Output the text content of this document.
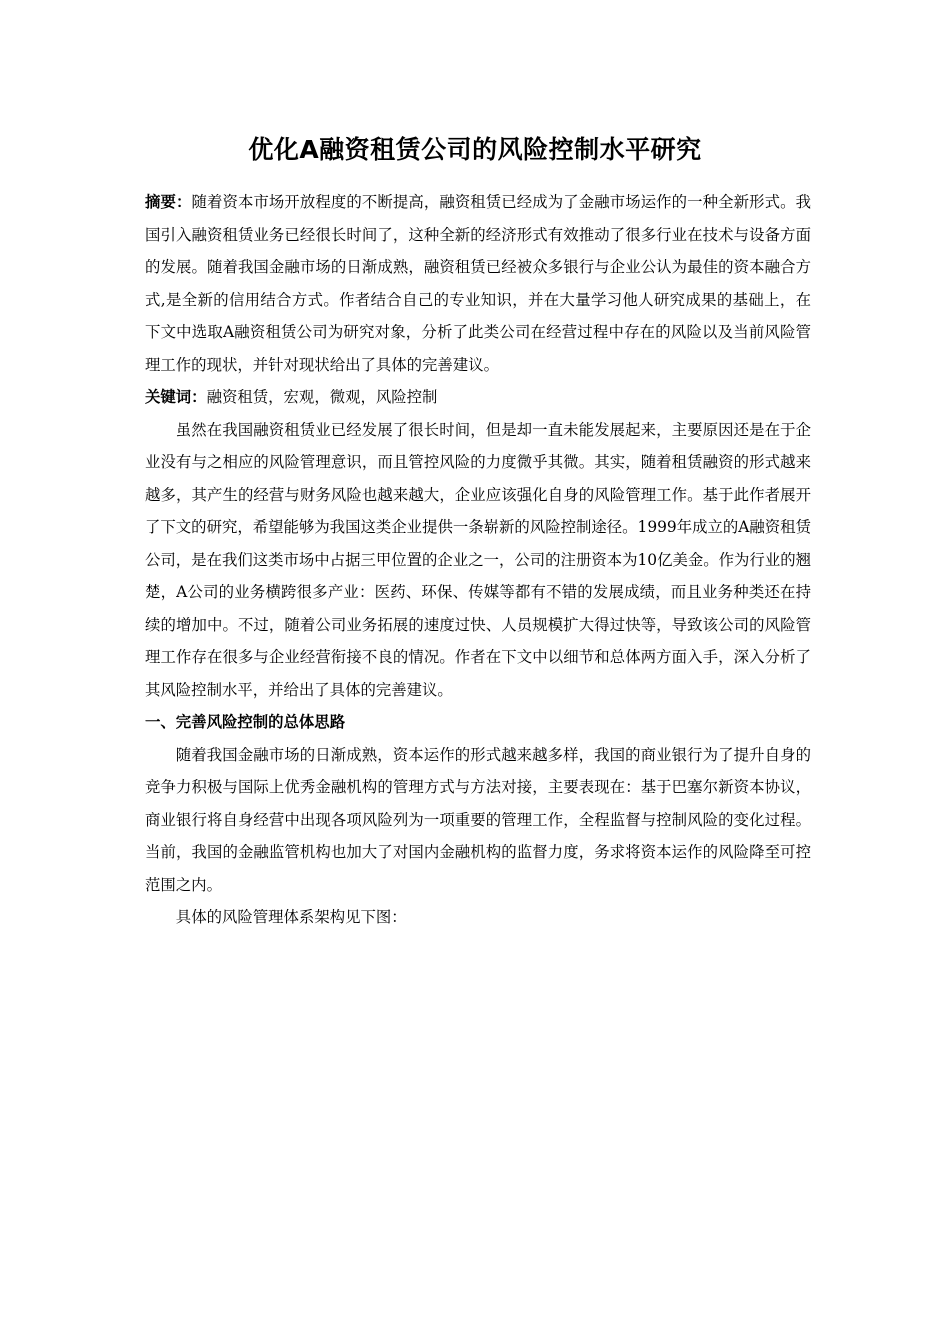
优化A融资租赁公司的风险控制水平研究

摘要：随着资本市场开放程度的不断提高，融资租赁已经成为了金融市场运作的一种全新形式。我国引入融资租赁业务已经很长时间了，这种全新的经济形式有效推动了很多行业在技术与设备方面的发展。随着我国金融市场的日渐成熟，融资租赁已经被众多银行与企业公认为最佳的资本融合方式,是全新的信用结合方式。作者结合自己的专业知识，并在大量学习他人研究成果的基础上，在下文中选取A融资租赁公司为研究对象，分析了此类公司在经营过程中存在的风险以及当前风险管理工作的现状，并针对现状给出了具体的完善建议。

关键词：融资租赁，宏观，微观，风险控制

虽然在我国融资租赁业已经发展了很长时间，但是却一直未能发展起来，主要原因还是在于企业没有与之相应的风险管理意识，而且管控风险的力度微乎其微。其实，随着租赁融资的形式越来越多，其产生的经营与财务风险也越来越大，企业应该强化自身的风险管理工作。基于此作者展开了下文的研究，希望能够为我国这类企业提供一条崭新的风险控制途径。1999年成立的A融资租赁公司，是在我们这类市场中占据三甲位置的企业之一，公司的注册资本为10亿美金。作为行业的翘楚，A公司的业务横跨很多产业：医药、环保、传媒等都有不错的发展成绩，而且业务种类还在持续的增加中。不过，随着公司业务拓展的速度过快、人员规模扩大得过快等，导致该公司的风险管理工作存在很多与企业经营衔接不良的情况。作者在下文中以细节和总体两方面入手，深入分析了其风险控制水平，并给出了具体的完善建议。

一、完善风险控制的总体思路

随着我国金融市场的日渐成熟，资本运作的形式越来越多样，我国的商业银行为了提升自身的竞争力积极与国际上优秀金融机构的管理方式与方法对接，主要表现在：基于巴塞尔新资本协议，商业银行将自身经营中出现各项风险列为一项重要的管理工作，全程监督与控制风险的变化过程。当前，我国的金融监管机构也加大了对国内金融机构的监督力度，务求将资本运作的风险降至可控范围之内。

具体的风险管理体系架构见下图：
